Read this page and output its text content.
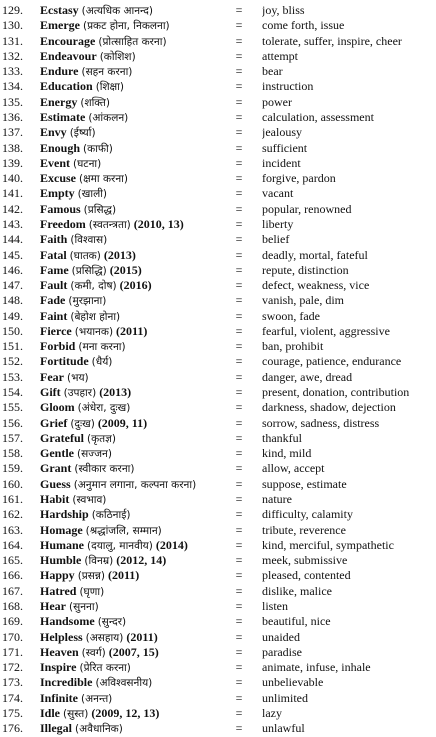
129.	Ecstasy (अत्यधिक आनन्द)	=	joy, bliss
130.	Emerge (प्रकट होना, निकलना)	=	come forth, issue
131.	Encourage (प्रोत्साहित करना)	=	tolerate, suffer, inspire, cheer
132.	Endeavour (कोशिश)	=	attempt
133.	Endure (सहन करना)	=	bear
134.	Education (शिक्षा)	=	instruction
135.	Energy (शक्ति)	=	power
136.	Estimate (आंकलन)	=	calculation, assessment
137.	Envy (ईर्ष्या)	=	jealousy
138.	Enough (काफी)	=	sufficient
139.	Event (घटना)	=	incident
140.	Excuse (क्षमा करना)	=	forgive, pardon
141.	Empty (खाली)	=	vacant
142.	Famous (प्रसिद्ध)	=	popular, renowned
143.	Freedom (स्वतन्त्रता) (2010, 13)	=	liberty
144.	Faith (विश्वास)	=	belief
145.	Fatal (घातक) (2013)	=	deadly, mortal, fateful
146.	Fame (प्रसिद्धि) (2015)	=	repute, distinction
147.	Fault (कमी, दोष) (2016)	=	defect, weakness, vice
148.	Fade (मुरझाना)	=	vanish, pale, dim
149.	Faint (बेहोश होना)	=	swoon, fade
150.	Fierce (भयानक) (2011)	=	fearful, violent, aggressive
151.	Forbid (मना करना)	=	ban, prohibit
152.	Fortitude (धैर्य)	=	courage, patience, endurance
153.	Fear (भय)	=	danger, awe, dread
154.	Gift (उपहार) (2013)	=	present, donation, contribution
155.	Gloom (अंधेरा, दुःख)	=	darkness, shadow, dejection
156.	Grief (दुःख) (2009, 11)	=	sorrow, sadness, distress
157.	Grateful (कृतज्ञ)	=	thankful
158.	Gentle (सज्जन)	=	kind, mild
159.	Grant (स्वीकार करना)	=	allow, accept
160.	Guess (अनुमान लगाना, कल्पना करना)	=	suppose, estimate
161.	Habit (स्वभाव)	=	nature
162.	Hardship (कठिनाई)	=	difficulty, calamity
163.	Homage (श्रद्धांजलि, सम्मान)	=	tribute, reverence
164.	Humane (दयालु, मानवीय) (2014)	=	kind, merciful, sympathetic
165.	Humble (विनम्र) (2012, 14)	=	meek, submissive
166.	Happy (प्रसन्न) (2011)	=	pleased, contented
167.	Hatred (घृणा)	=	dislike, malice
168.	Hear (सुनना)	=	listen
169.	Handsome (सुन्दर)	=	beautiful, nice
170.	Helpless (असहाय) (2011)	=	unaided
171.	Heaven (स्वर्ग) (2007, 15)	=	paradise
172.	Inspire (प्रेरित करना)	=	animate, infuse, inhale
173.	Incredible (अविश्वसनीय)	=	unbelievable
174.	Infinite (अनन्त)	=	unlimited
175.	Idle (सुस्त) (2009, 12, 13)	=	lazy
176.	Illegal (अवैधानिक)	=	unlawful
